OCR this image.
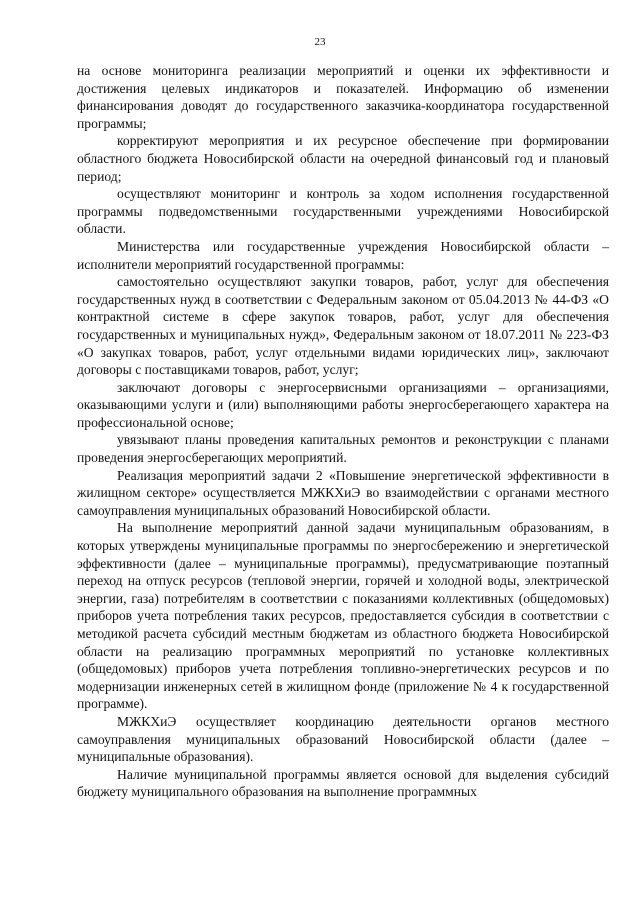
23

на основе мониторинга реализации мероприятий и оценки их эффективности и достижения целевых индикаторов и показателей. Информацию об изменении финансирования доводят до государственного заказчика-координатора государственной программы;

корректируют мероприятия и их ресурсное обеспечение при формировании областного бюджета Новосибирской области на очередной финансовый год и плановый период;

осуществляют мониторинг и контроль за ходом исполнения государственной программы подведомственными государственными учреждениями Новосибирской области.

Министерства или государственные учреждения Новосибирской области – исполнители мероприятий государственной программы:

самостоятельно осуществляют закупки товаров, работ, услуг для обеспечения государственных нужд в соответствии с Федеральным законом от 05.04.2013 № 44-ФЗ «О контрактной системе в сфере закупок товаров, работ, услуг для обеспечения государственных и муниципальных нужд», Федеральным законом от 18.07.2011 № 223-ФЗ «О закупках товаров, работ, услуг отдельными видами юридических лиц», заключают договоры с поставщиками товаров, работ, услуг;

заключают договоры с энергосервисными организациями – организациями, оказывающими услуги и (или) выполняющими работы энергосберегающего характера на профессиональной основе;

увязывают планы проведения капитальных ремонтов и реконструкции с планами проведения энергосберегающих мероприятий.

Реализация мероприятий задачи 2 «Повышение энергетической эффективности в жилищном секторе» осуществляется МЖКХиЭ во взаимодействии с органами местного самоуправления муниципальных образований Новосибирской области.

На выполнение мероприятий данной задачи муниципальным образованиям, в которых утверждены муниципальные программы по энергосбережению и энергетической эффективности (далее – муниципальные программы), предусматривающие поэтапный переход на отпуск ресурсов (тепловой энергии, горячей и холодной воды, электрической энергии, газа) потребителям в соответствии с показаниями коллективных (общедомовых) приборов учета потребления таких ресурсов, предоставляется субсидия в соответствии с методикой расчета субсидий местным бюджетам из областного бюджета Новосибирской области на реализацию программных мероприятий по установке коллективных (общедомовых) приборов учета потребления топливно-энергетических ресурсов и по модернизации инженерных сетей в жилищном фонде (приложение № 4 к государственной программе).

МЖКХиЭ осуществляет координацию деятельности органов местного самоуправления муниципальных образований Новосибирской области (далее – муниципальные образования).

Наличие муниципальной программы является основой для выделения субсидий бюджету муниципального образования на выполнение программных
